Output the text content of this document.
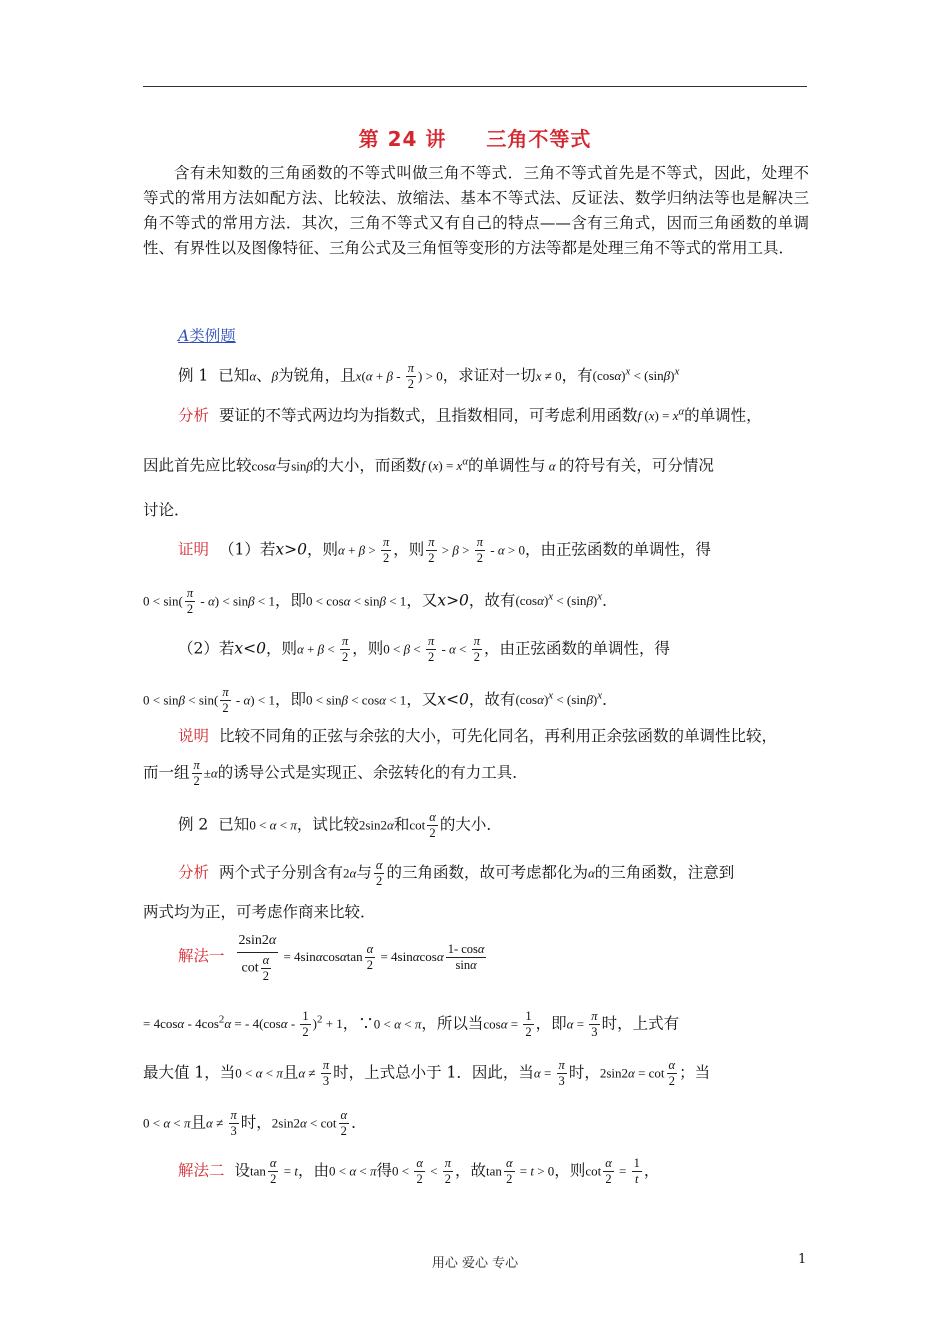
第 24 讲 三角不等式
含有未知数的三角函数的不等式叫做三角不等式．三角不等式首先是不等式，因此，处理不等式的常用方法如配方法、比较法、放缩法、基本不等式法、反证法、数学归纳法等也是解决三角不等式的常用方法．其次，三角不等式又有自己的特点——含有三角式，因而三角函数的单调性、有界性以及图像特征、三角公式及三角恒等变形的方法等都是处理三角不等式的常用工具．
A类例题
例 1 已知α、β为锐角，且$x(\alpha + \beta - \frac{\pi}{2}$ ) > 0，求证对一切x ≠ 0，有$(\cos\alpha)^x < (\sin\beta)^x$
分析 要证的不等式两边均为指数式，且指数相同，可考虑利用函数f $(x) = x^\alpha$的单调性，
因此首先应比较cosα与sinβ的大小，而函数f $(x) = x^\alpha$的单调性与 α 的符号有关，可分情况
讨论．
证明 （1）若x>0，则$\alpha + \beta > \frac{\pi}{2}$ ，则 $\frac{\pi}{2} > \beta > \frac{\pi}{2} - \alpha > 0$，由正弦函数的单调性，得
$0 < \sin( \frac{\pi}{2} - \alpha) < \sin\beta < 1$，即0 < cosα < sinβ < 1，又x>0，故有$(\cos\alpha)^x < (\sin\beta)^x$．
（2）若x<0，则$\alpha + \beta < \frac{\pi}{2}$ ，则$0 < \beta < \frac{\pi}{2} - \alpha < \frac{\pi}{2}$ ，由正弦函数的单调性，得
$0 < \sin\beta < \sin( \frac{\pi}{2} - \alpha) < 1$，即0 < sinβ < cosα < 1，又x<0，故有$(\cos\alpha)^x < (\sin\beta)^x$．
说明 比较不同角的正弦与余弦的大小，可先化同名，再利用正余弦函数的单调性比较，
而一组 $\frac{\pi}{2} \pm\alpha$的诱导公式是实现正、余弦转化的有力工具．
例 2 已知0 < α < π，试比较2sin2α和$\cot \frac{\alpha}{2}$ 的大小．
分析 两个式子分别含有2α与 $\frac{\alpha}{2}$ 的三角函数，故可考虑都化为α的三角函数，注意到
两式均为正，可考虑作商来比较．
解法一 $\frac{2\sin 2\alpha}{\cot \frac{\alpha}{2}} = 4\sin\alpha\cos\alpha\tan \frac{\alpha}{2} = 4\sin\alpha\cos\alpha \frac{1- \cos\alpha}{\sin\alpha}$
= $4\cos\alpha - 4\cos^2\alpha$ = - $4(\cos\alpha - \frac{1}{2} )^2 + 1$，∵0 < α < π，所以当$\cos\alpha = \frac{1}{2}$ ，即$\alpha = \frac{\pi}{3}$ 时，上式有
最大值 1，当0 < α < π且$\alpha \ne \frac{\pi}{3}$ 时，上式总小于 1．因此，当$\alpha = \frac{\pi}{3}$ 时，$2\sin 2\alpha = \cot \frac{\alpha}{2}$ ；当
0 < α < π且$\alpha \ne \frac{\pi}{3}$ 时，$2\sin 2\alpha < \cot \frac{\alpha}{2}$ ．
解法二 设$\tan \frac{\alpha}{2} = t$，由0 < α < π得$0 < \frac{\alpha}{2} < \frac{\pi}{2}$ ，故$\tan \frac{\alpha}{2} = t > 0$，则$\cot \frac{\alpha}{2} = \frac{1}{t}$ ，
用心 爱心 专心	1
